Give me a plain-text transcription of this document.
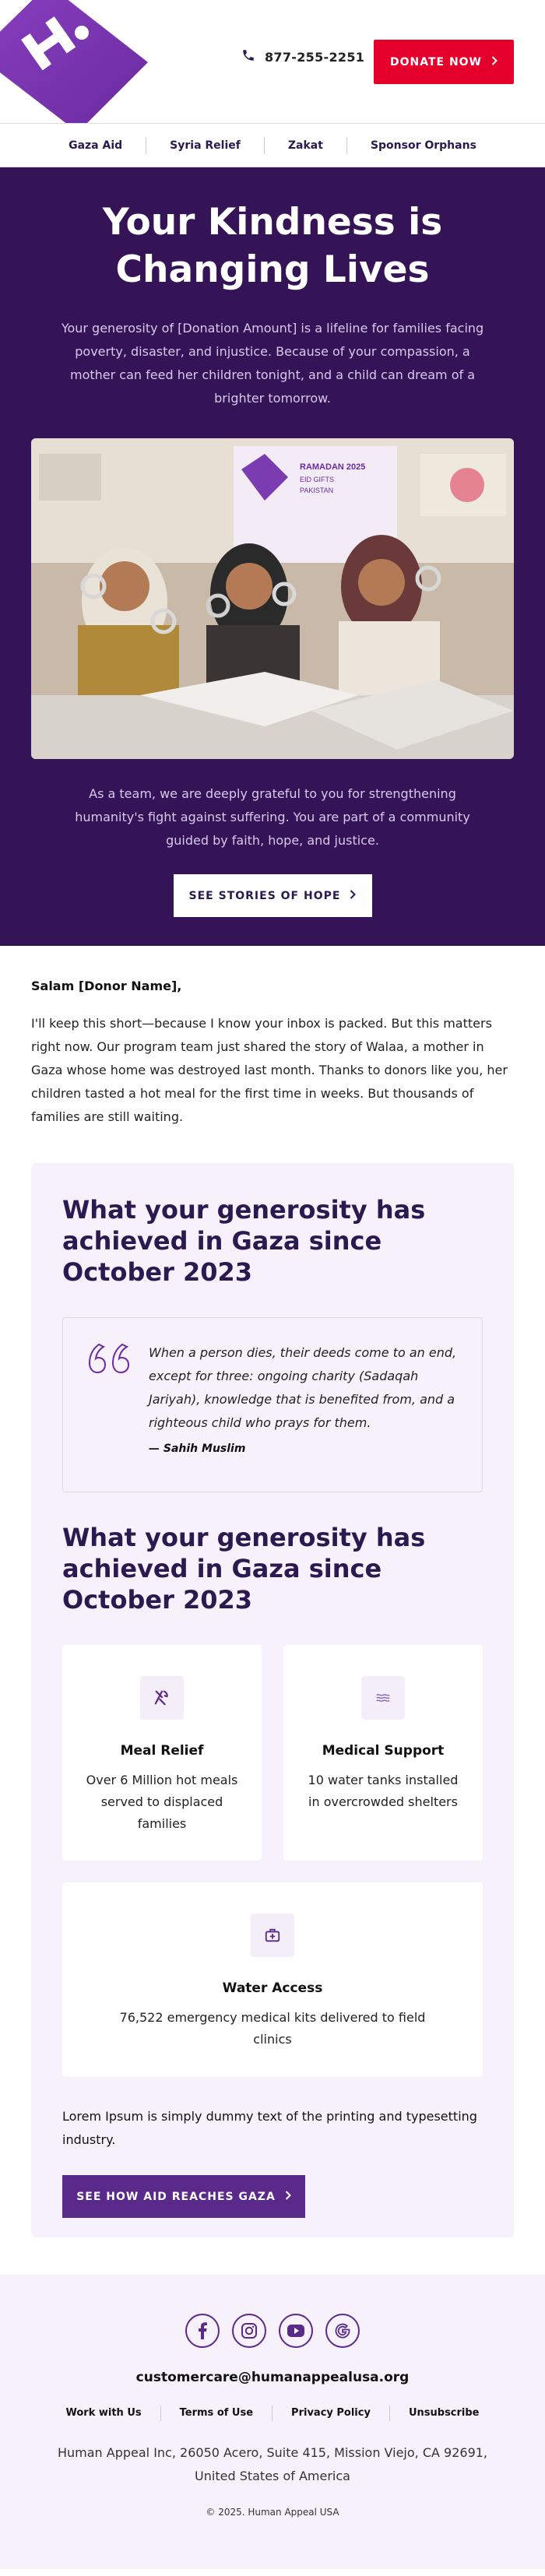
877-255-2251 DONATE NOW
Gaza Aid	Syria Relief	Zakat	Sponsor Orphans
Your Kindness is Changing Lives

Your generosity of [Donation Amount] is a lifeline for families facing poverty, disaster, and injustice. Because of your compassion, a mother can feed her children tonight, and a child can dream of a brighter tomorrow.

RAMADAN 2025
EID GIFTS
PAKISTAN

As a team, we are deeply grateful to you for strengthening humanity's fight against suffering. You are part of a community guided by faith, hope, and justice.

SEE STORIES OF HOPE

Salam [Donor Name],

I'll keep this short—because I know your inbox is packed. But this matters right now. Our program team just shared the story of Walaa, a mother in Gaza whose home was destroyed last month. Thanks to donors like you, her children tasted a hot meal for the first time in weeks. But thousands of families are still waiting.

What your generosity has achieved in Gaza since October 2023

When a person dies, their deeds come to an end, except for three: ongoing charity (Sadaqah Jariyah), knowledge that is benefited from, and a righteous child who prays for them.

— Sahih Muslim

What your generosity has achieved in Gaza since October 2023

Meal Relief

Over 6 Million hot meals served to displaced families

Medical Support

10 water tanks installed in overcrowded shelters

Water Access

76,522 emergency medical kits delivered to field clinics

Lorem Ipsum is simply dummy text of the printing and typesetting industry.

SEE HOW AID REACHES GAZA

customercare@humanappealusa.org

Work with Us	Terms of Use	Privacy Policy	Unsubscribe

Human Appeal Inc, 26050 Acero, Suite 415, Mission Viejo, CA 92691, United States of America

© 2025. Human Appeal USA
